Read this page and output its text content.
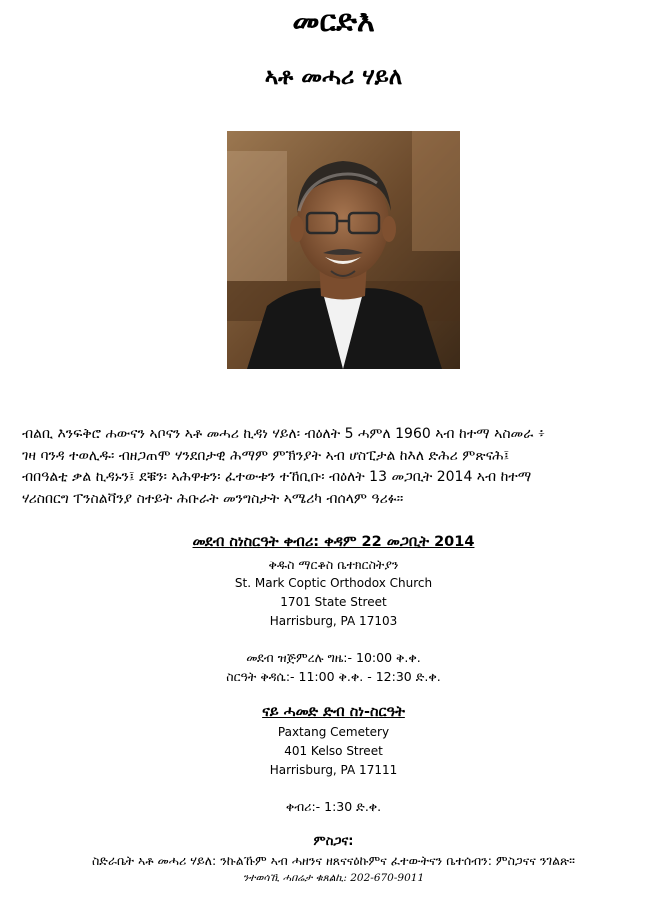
መርድእ
ኣቶ መሓሪ ሃይለ
ብልቢ እንፍቅሮ ሐውናን ኣቦናን ኣቶ መሓሪ ኪዳነ ሃይለ፡ ብዕለት 5 ሓምለ 1960 ኣብ ከተማ ኣስመራ ፥
ገዛ ባንዳ ተወሊዱ፡ ብዘጋጠሞ ሃንደበታዊ ሕማም ምኽንያት ኣብ ሆስፒታል ከእለ ድሕሪ ምጽናሕ፤
ብበዓልቲ ቃል ኪዳኑን፤ ደቑን፡ ኣሕዋቱን፡ ፈተውቱን ተኸቢቡ፡ ብዕለት 13 መጋቢት 2014 ኣብ ከተማ
ሃሪስበርግ ፐንስልቫንያ ስተይት ሕቡራት መንግስታት ኣሜሪካ ብሰላም ዓሪፉ።
መደብ ስነስርዓት ቀብሪ: ቀዳም 22 መጋቢት 2014
ቅዱስ ማርቆስ ቤተክርስትያን
St. Mark Coptic Orthodox Church
1701 State Street
Harrisburg, PA 17103
መደብ ዝጅምረሉ ግዜ:- 10:00 ቅ.ቀ.
ስርዓት ቅዳሴ:- 11:00 ቅ.ቀ. - 12:30 ድ.ቀ.
ናይ ሓመድ ድብ ስነ-ስርዓት
Paxtang Cemetery
401 Kelso Street
Harrisburg, PA 17111
ቀብሪ:- 1:30 ድ.ቀ.
ምስጋና:
ስድራቤት ኣቶ መሓሪ ሃይለ: ንኩልኹም ኣብ ሓዘንና ዘጸናናዕኩምና ፈተውትናን ቤተሰብን: ምስጋናና ንገልጽ።
ንተወሳኺ ሓበሬታ ቁጸልኪ: 202-670-9011
